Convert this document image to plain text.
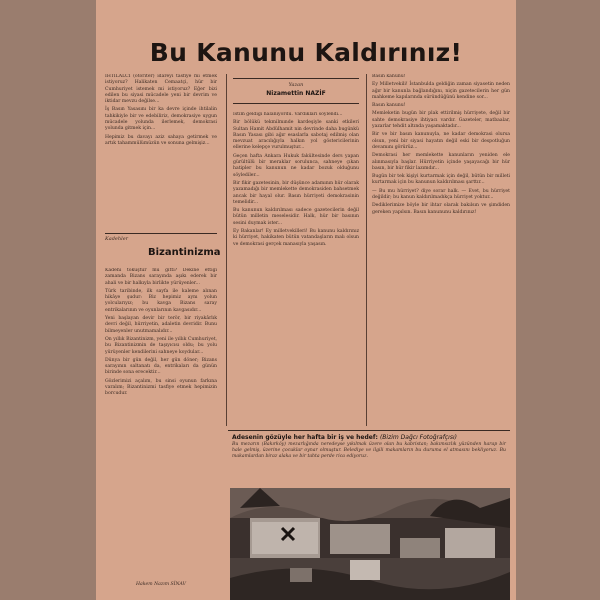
Bu Kanunu Kaldırınız!

İHTİLALCİ (otoriter) idareyi tasfiye mi etmek istiyoruz? Halikaten Cemaatçi, hür bir Cumhuriyet istemek mi istiyoruz? Eğer bizi edilen bu siyasi mücadele yeni bir devrim ve iktidar mevzu değilse...

İş Basın Yasasını bir ka devre içinde ihtilalin tahkikiyle bir ve edebiliriz, demokrasiye uygun mücadele yolunda ilerlemek, demokrasi yolunda gitmek için...

Hepimiz bu davayı aziz sahaya getirmek ve artık tahammülümüzün ve sonuna gelmişiz...

Kadehler
Bizantinizma

Kadehi tokuştur mu gitti? Dekine ettiği zamanda Bizans sarayında aşıkı ederek bir ahali ve bir halkıyla birlikte yürüyenler...

Türk taribinde, ilk sayfa ile kaleme alınan hikâye şudur: Biz hepimiz aynı yolun yolcularıyız; bu kavga Bizans saray entrikalarının ve oyunlarının kavgasıdır...

Yeni başlayan devir bir terör, bir riyakârlık devri değil, hürriyetin, adaletin devridir. Bunu bilmeyenler unutmamalıdır...

On yıllık Bizantinizm, yeni ile yıllık Cumhuriyet, bu Bizantinizmin de taşıyıcısı oldu; bu yolu yürüyenler kendilerini sahneye koydular...

Dünya bir gün değil, her gün döner; Bizans sarayının saltanatı da, entrikaları da günün birinde sona erecektir...

Gözlerimizi açalım, bu sinsi oyunun farkına varalım; Bizantinizmi tasfiye etmek hepimizin borcudur.

Hakem Nazım SİNAV
Yazan
Nizamettin NAZİF

İstim geldiği halanıyordu. Vardıkları söylendi...

Bir bölükü tekmilmınde kardeşiyle sanki etkileri Sultan Hamit Abdülhamit nin devrinde daha bugünkü Basın Yasası gibi ağır esaslarla sabotaj edilmiş olan mevzuat aracılığıyla halkın yol göstericilerinin ellerine kelepçe vurulmuştur...

Geçen hafta Ankara Hukuk fakültesinde ders yapan gürültülü bir meraklar sorulunca, sahneye çıkan hatipler bu kanunun ne kadar bozuk olduğunu söylediler...

Bir fikir gazetesinin, bir düşünce adamının hür olarak yazamadığı bir memlekette demokrasiden bahsetmek ancak bir hayal olur. Basın hürriyeti demokrasinin temelidir...

Bu kanunun kaldırılması sadece gazetecilerin değil bütün milletin meselesidir. Halk, hür bir basının sesini duymak ister...

Ey Bakanlar! Ey milletvekilleri! Bu kanunu kaldırınız ki hürriyet, hakikaten bütün vatandaşların malı olsun ve demokrasi gerçek manasıyla yaşasın.

Basın kanunu!

Ey Milletvekili! İstanbulda geldiğin zaman siyasetin neden ağır bir kanunla bağlandığını, niçin gazetecilerin her gün mahkeme kapılarında süründüğünü kendine sor...

Basın kanunu!

Memleketin bugün bir plak ettirilmiş hürriyete, değil bir sahte demokrasiye ihtiyacı vardır. Gazeteler, matbaalar, yazarlar tehdit altında yaşamaktadır...

Bir ve bir basın kanunuyla, ne kadar demokrasi olursa olsun, yeni bir siyasi hayatın değil eski bir despotluğun devamını görürüz...

Demokrasi her memlekette kanunların yeniden ele alınmasıyla başlar. Hürriyetin içinde yaşayacağı bir hür basın, bir hür fikir lazımdır...

Bugün bir tek kişiyi kurtarmak için değil, bütün bir milleti kurtarmak için bu kanunun kaldırılması şarttır...

— Bu mu hürriyet? diye sorar halk. — Evet, bu hürriyet değildir; bu kanun kaldırılmadıkça hürriyet yoktur...

Dediklerimize böyle bir ihtar olarak bakılsın ve şimdiden gereken yapılsın. Basın kanununu kaldırınız!

Adesenin gözüyle her hafta bir iş ve hedef: (Bizim Dağcı Fotoğrafçısı)
Bu mezarın (Bakırköy) mezarlığında neredeyse yıkılmak üzere olan bu kabristan; bakımsızlık yüzünden harap bir hale gelmiş, üzerine çocuklar oynar olmuştur. Belediye ve ilgili makamların bu duruma el atmasını bekliyoruz. Bu makamlardan biraz alaka ve bir tahta perde rica ediyoruz.
